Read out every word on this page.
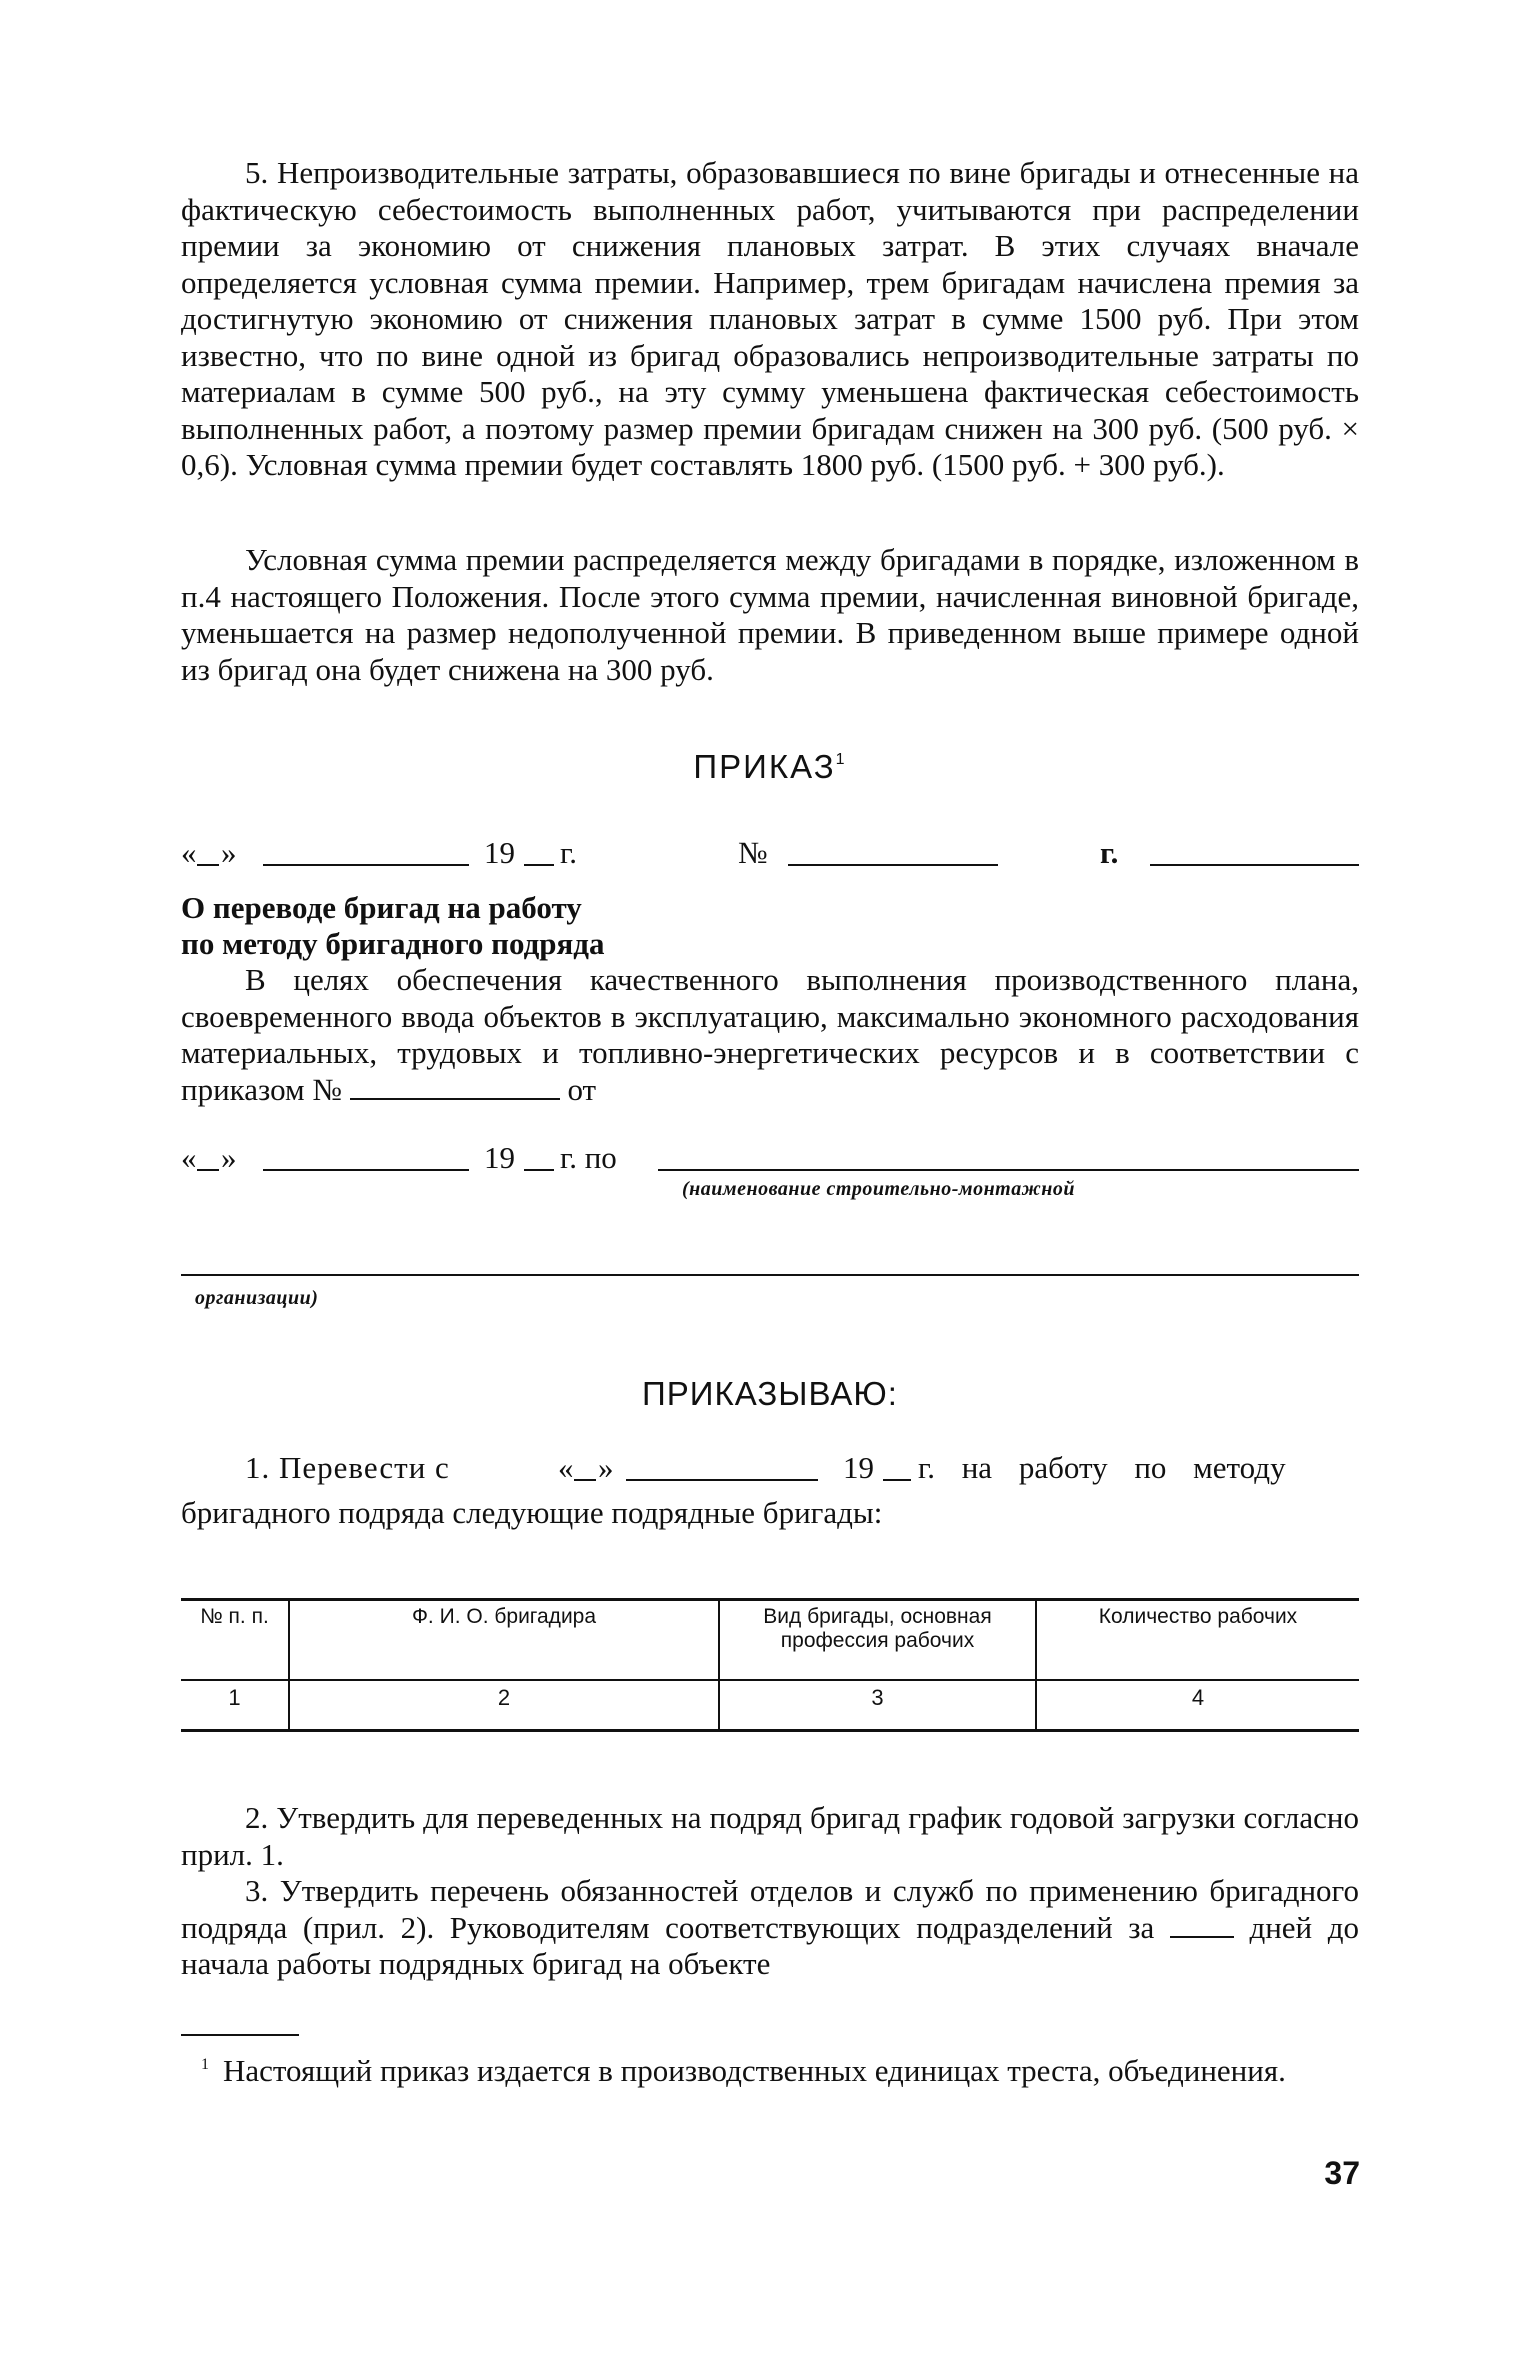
5. Непроизводительные затраты, образовавшиеся по вине бригады и отнесенные на фактическую себестоимость выполненных работ, учитываются при распределении премии за экономию от снижения плановых затрат. В этих случаях вначале определяется условная сумма премии. Например, трем бригадам начислена премия за достигнутую экономию от снижения плановых затрат в сумме 1500 руб. При этом известно, что по вине одной из бригад образовались непроизводительные затраты по материалам в сумме 500 руб., на эту сумму уменьшена фактическая себестоимость выполненных работ, а поэтому размер премии бригадам снижен на 300 руб. (500 руб. × 0,6). Условная сумма премии будет составлять 1800 руб. (1500 руб. + 300 руб.).
Условная сумма премии распределяется между бригадами в порядке, изложенном в п.4 настоящего Положения. После этого сумма премии, начисленная виновной бригаде, уменьшается на размер недополученной премии. В приведенном выше примере одной из бригад она будет снижена на 300 руб.
ПРИКАЗ$^1$
« »	19 г.	№	г.
О переводе бригад на работу
по методу бригадного подряда
В целях обеспечения качественного выполнения производственного плана, своевременного ввода объектов в эксплуатацию, максимально экономного расходования материальных, трудовых и топливно-энергетических ресурсов и в соответствии с приказом №	от
« »	19 г. по
(наименование строительно-монтажной
организации)
ПРИКАЗЫВАЮ:
1. Перевести с	« »	19 г. на работу по методу
бригадного подряда следующие подрядные бригады:
№ п. п.	Ф. И. О. бригадира	Вид бригады, основная профессия рабочих	Количество рабочих
1	2	3	4
2. Утвердить для переведенных на подряд бригад график годовой загрузки согласно прил. 1.
3. Утвердить перечень обязанностей отделов и служб по применению бригадного подряда (прил. 2). Руководителям соответствующих подразделений за	дней до начала работы подрядных бригад на объекте
$^1$ Настоящий приказ издается в производственных единицах треста, объединения.
37
